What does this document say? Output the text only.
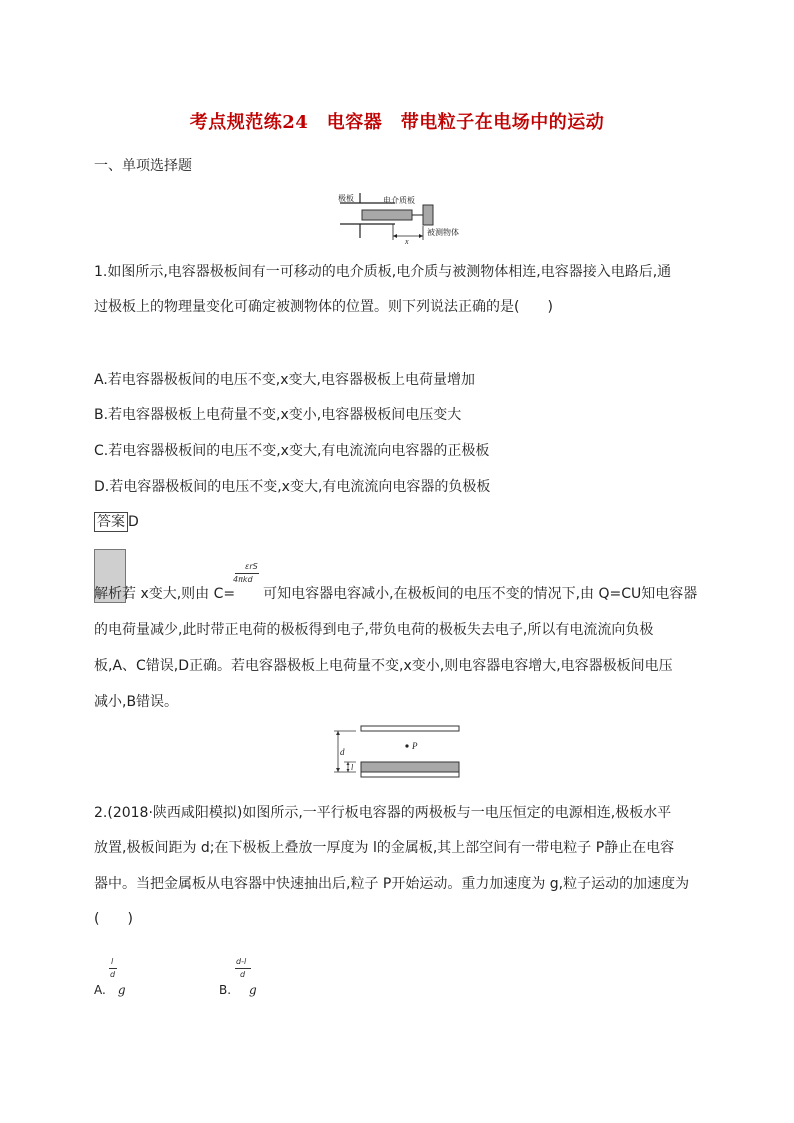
考点规范练24　电容器　带电粒子在电场中的运动
一、单项选择题
极板	电介质板
x
被测物体
1.如图所示,电容器极板间有一可移动的电介质板,电介质与被测物体相连,电容器接入电路后,通
过极板上的物理量变化可确定被测物体的位置。则下列说法正确的是(　　)
A.若电容器极板间的电压不变,x变大,电容器极板上电荷量增加
B.若电容器极板上电荷量不变,x变小,电容器极板间电压变大
C.若电容器极板间的电压不变,x变大,有电流流向电容器的正极板
D.若电容器极板间的电压不变,x变大,有电流流向电容器的负极板
答案 D
解析若 x变大,则由 C= 可知电容器电容减小,在极板间的电压不变的情况下,由 Q=CU知电容器
εrS
4πkd
的电荷量减少,此时带正电荷的极板得到电子,带负电荷的极板失去电子,所以有电流流向负极
板,A、C错误,D正确。若电容器极板上电荷量不变,x变小,则电容器电容增大,电容器极板间电压
减小,B错误。
d
l
P
2.(2018·陕西咸阳模拟)如图所示,一平行板电容器的两极板与一电压恒定的电源相连,极板水平
放置,极板间距为 d;在下极板上叠放一厚度为 l的金属板,其上部空间有一带电粒子 P静止在电容
器中。当把金属板从电容器中快速抽出后,粒子 P开始运动。重力加速度为 g,粒子运动的加速度为
(　　)
l
d
A. g
d-l
d
B. g
